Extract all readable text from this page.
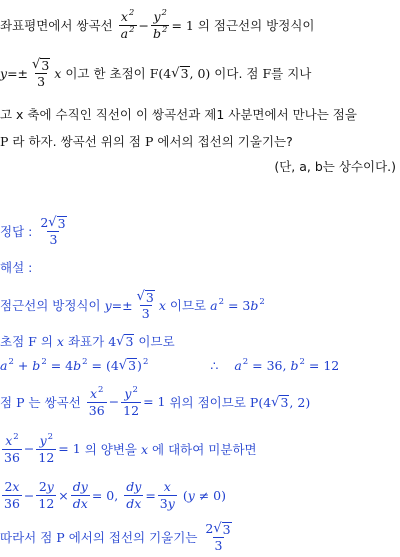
좌표평면에서 쌍곡선 $\frac{x^2}{a^2} - \frac{y^2}{b^2} = 1$ 의 점근선의 방정식이
$y =\pm \frac{√ 3}{3}$ x 이고 한 초점이 F (4 √ 3 , 0) 이다. 점 F 를 지나
고 x 축에 수직인 직선이 이 쌍곡선과 제1 사분면에서 만나는 점을
P 라 하자. 쌍곡선 위의 점 P 에서의 접선의 기울기는?
(단, a, b는 상수이다.)
정답 : $\frac{2 √ 3}{3}$
해설 :
점근선의 방정식이 $y =\pm \frac{√ 3}{3}$ x 이므로 $a^2 = 3b^2$
초점 F 의 x 좌표가 4 √ 3 이므로
$a^2 + b^2 = 4b^2 = (4$ √ 3 )$^2$	∴ $a^2 = 36$, $b^2 = 12$
점 P 는 쌍곡선 $\frac{x^2}{36} - \frac{y^2}{12} = 1$ 위의 점이므로 P(4 √ 3 , 2)
$\frac{x^2}{36} - \frac{y^2}{12} = 1$ 의 양변을 x 에 대하여 미분하면
$\frac{2x}{36} - \frac{2y}{12} \times \frac{dy}{dx} = 0$, $\frac{dy}{dx} = \frac{x}{3y} (y \ne 0)$
따라서 점 P 에서의 접선의 기울기는 $\frac{2 √ 3}{3}$
